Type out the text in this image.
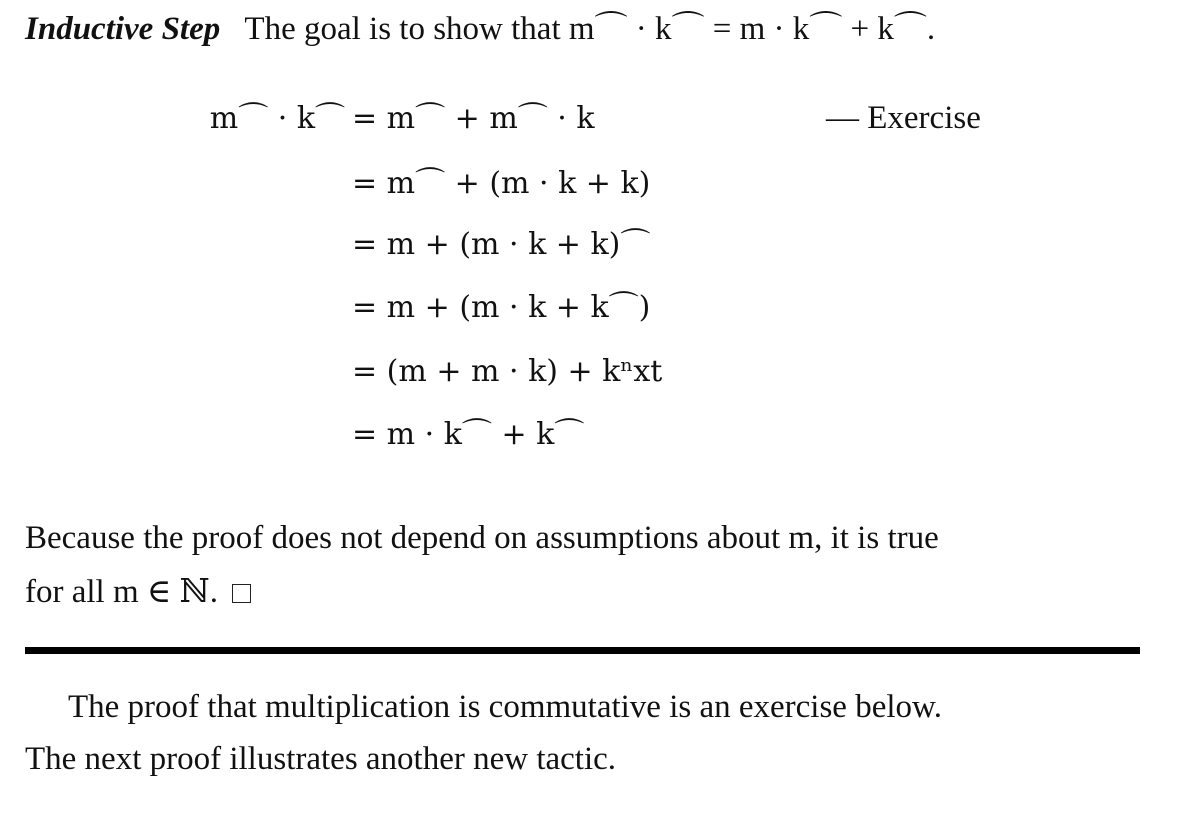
Inductive Step The goal is to show that m⌒ · k⌒ = m · k⌒ + k⌒.
m⌒ · k⌒ = m⌒ + m⌒ · k	— Exercise
= m⌒ + (m · k + k)
= m + (m · k + k)⌒
= m + (m · k + k⌒)
= (m + m · k) + kⁿxt
= m · k⌒ + k⌒
Because the proof does not depend on assumptions about m, it is true
for all m ∈ ℕ.
The proof that multiplication is commutative is an exercise below.
The next proof illustrates another new tactic.
